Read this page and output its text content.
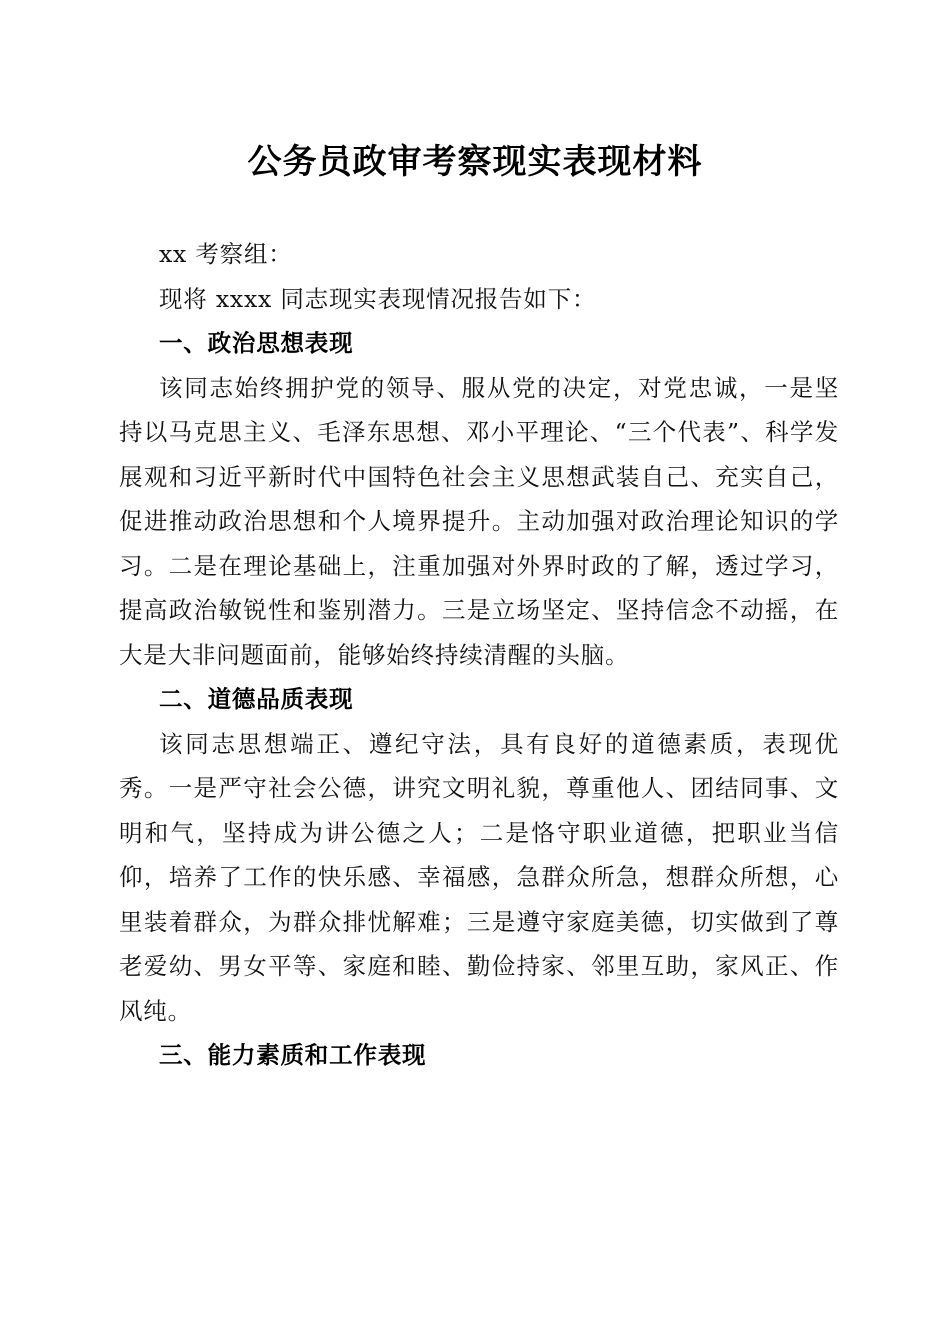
公务员政审考察现实表现材料

xx 考察组：

现将 xxxx 同志现实表现情况报告如下：

一、政治思想表现

该同志始终拥护党的领导、服从党的决定，对党忠诚，一是坚持以马克思主义、毛泽东思想、邓小平理论、“三个代表”、科学发展观和习近平新时代中国特色社会主义思想武装自己、充实自己，促进推动政治思想和个人境界提升。主动加强对政治理论知识的学习。二是在理论基础上，注重加强对外界时政的了解，透过学习，提高政治敏锐性和鉴别潜力。三是立场坚定、坚持信念不动摇，在大是大非问题面前，能够始终持续清醒的头脑。

二、道德品质表现

该同志思想端正、遵纪守法，具有良好的道德素质，表现优秀。一是严守社会公德，讲究文明礼貌，尊重他人、团结同事、文明和气，坚持成为讲公德之人；二是恪守职业道德，把职业当信仰，培养了工作的快乐感、幸福感，急群众所急，想群众所想，心里装着群众，为群众排忧解难；三是遵守家庭美德，切实做到了尊老爱幼、男女平等、家庭和睦、勤俭持家、邻里互助，家风正、作风纯。

三、能力素质和工作表现
